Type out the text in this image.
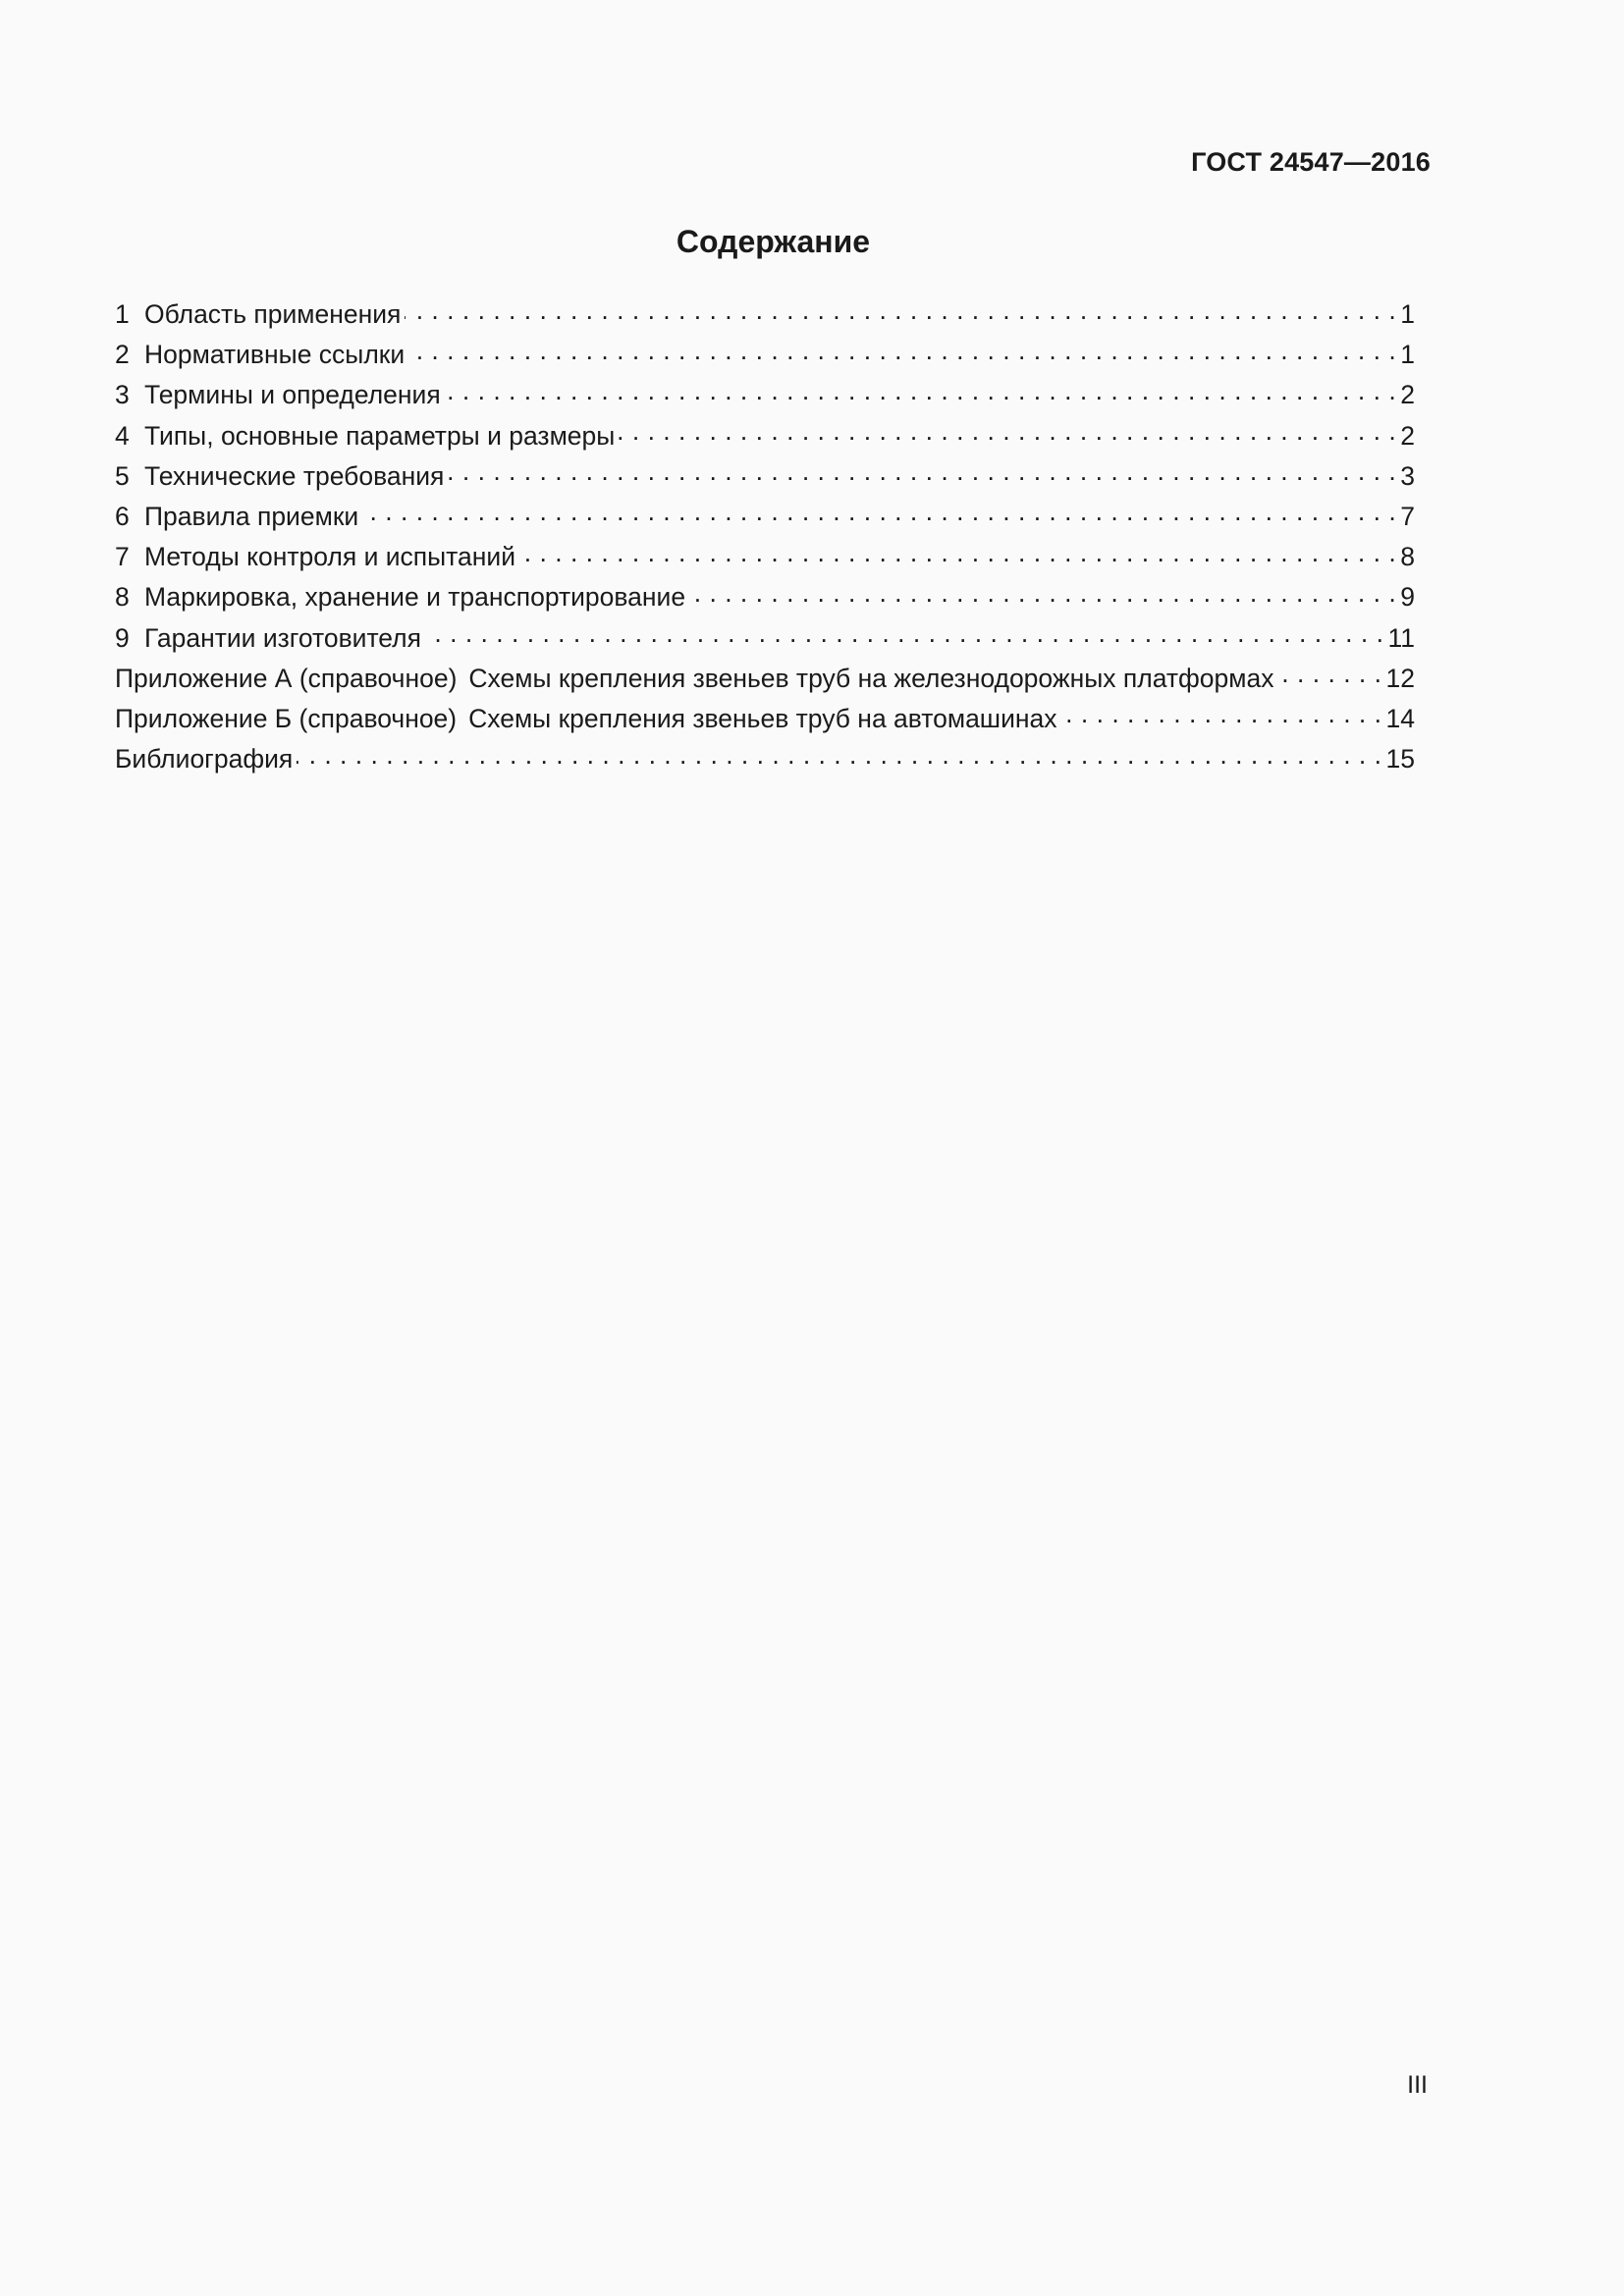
ГОСТ 24547—2016
Содержание
1 Область применения . . .	1
2 Нормативные ссылки . . .	1
3 Термины и определения . . .	2
4 Типы, основные параметры и размеры . . .	2
5 Технические требования . . .	3
6 Правила приемки . . .	7
7 Методы контроля и испытаний . . .	8
8 Маркировка, хранение и транспортирование . . .	9
9 Гарантии изготовителя . . .	11
Приложение А (справочное) Схемы крепления звеньев труб на железнодорожных платформах . . .	12
Приложение Б (справочное) Схемы крепления звеньев труб на автомашинах . . .	14
Библиография . . .	15
III
